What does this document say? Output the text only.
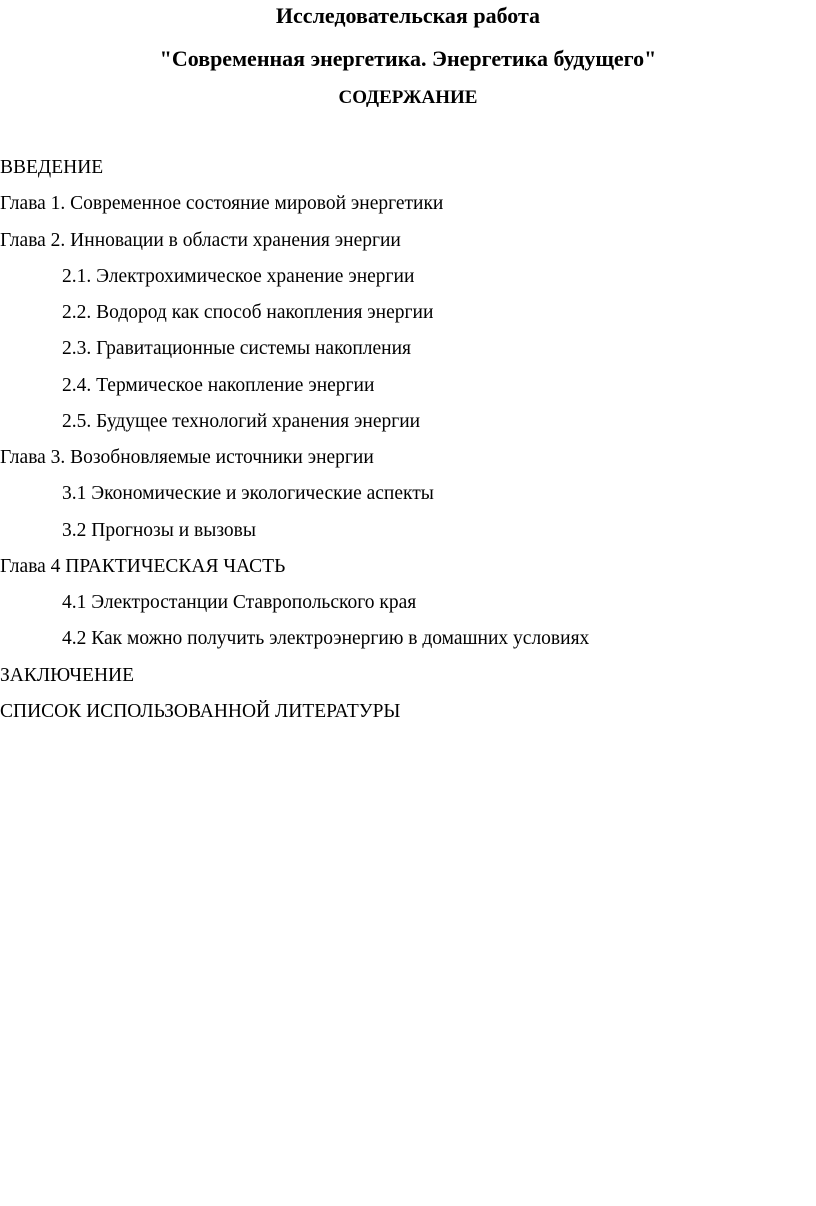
Исследовательская работа
"Современная энергетика. Энергетика будущего"
СОДЕРЖАНИЕ
ВВЕДЕНИЕ
Глава 1. Современное состояние мировой энергетики
Глава 2. Инновации в области хранения энергии
2.1. Электрохимическое хранение энергии
2.2. Водород как способ накопления энергии
2.3. Гравитационные системы накопления
2.4. Термическое накопление энергии
2.5. Будущее технологий хранения энергии
Глава 3. Возобновляемые источники энергии
3.1 Экономические и экологические аспекты
3.2 Прогнозы и вызовы
Глава 4 ПРАКТИЧЕСКАЯ ЧАСТЬ
4.1 Электростанции Ставропольского края
4.2 Как можно получить электроэнергию в домашних условиях
ЗАКЛЮЧЕНИЕ
СПИСОК ИСПОЛЬЗОВАННОЙ ЛИТЕРАТУРЫ
